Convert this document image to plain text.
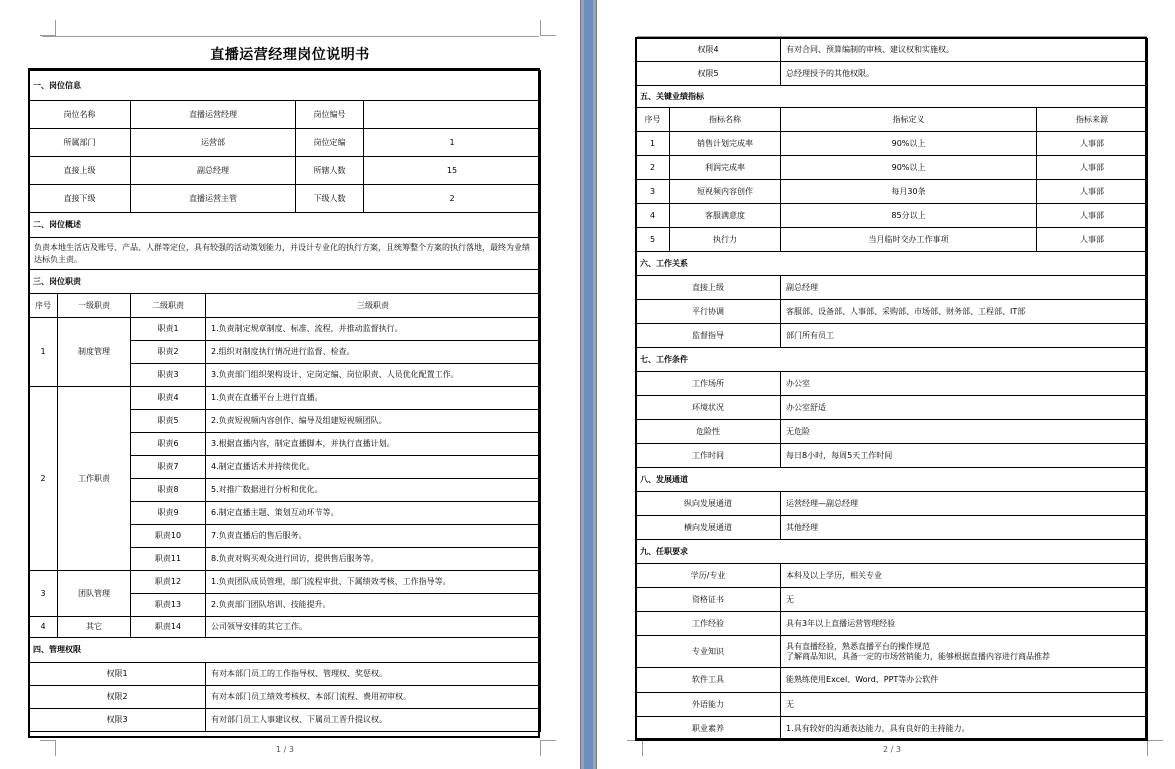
直播运营经理岗位说明书
一、岗位信息					
岗位名称		直播运营经理		岗位编号	
所属部门		运营部		岗位定编	1
直接上级		副总经理		所辖人数	15
直接下级		直播运营主管		下级人数	2
二、岗位概述					
负责本地生活店及账号、产品、人群等定位，具有较强的活动策划能力，并设计专业化的执行方案，且统筹整个方案的执行落地，最终为业绩达标负主责。					
三、岗位职责					
序号	一级职责	二级职责	三级职责		
1	制度管理	职责1	1.负责制定规章制度、标准、流程，并推动监督执行。		
		职责2	2.组织对制度执行情况进行监督、检查。		
		职责3	3.负责部门组织架构设计、定岗定编、岗位职责、人员优化配置工作。		
2	工作职责	职责4	1.负责在直播平台上进行直播。		
		职责5	2.负责短视频内容创作、编导及组建短视频团队。		
		职责6	3.根据直播内容，制定直播脚本，并执行直播计划。		
		职责7	4.制定直播话术并持续优化。		
		职责8	5.对推广数据进行分析和优化。		
		职责9	6.制定直播主题、策划互动环节等。		
		职责10	7.负责直播后的售后服务。		
		职责11	8.负责对购买观众进行回访，提供售后服务等。		
3	团队管理	职责12	1.负责团队成员管理，部门流程审批、下属绩效考核、工作指导等。		
		职责13	2.负责部门团队培训、技能提升。		
4	其它	职责14	公司领导安排的其它工作。		
四、管理权限					
权限1			有对本部门员工的工作指导权、管理权、奖惩权。		
权限2			有对本部门员工绩效考核权、本部门流程、费用初审权。		
权限3			有对部门员工人事建议权、下属员工晋升提议权。		
1 / 3
权限4		有对合同、预算编制的审核、建议权和实施权。	
权限5		总经理授予的其他权限。	
五、关键业绩指标			
序号	指标名称	指标定义	指标来源
1	销售计划完成率	90%以上	人事部
2	利润完成率	90%以上	人事部
3	短视频内容创作	每月30条	人事部
4	客服满意度	85分以上	人事部
5	执行力	当月临时交办工作事项	人事部
六、工作关系			
直接上级		副总经理	
平行协调		客服部、设备部、人事部、采购部、市场部、财务部、工程部、IT部	
监督指导		部门所有员工	
七、工作条件			
工作场所		办公室	
环境状况		办公室舒适	
危险性		无危险	
工作时间		每日8小时，每周5天工作时间	
八、发展通道			
纵向发展通道		运营经理—副总经理	
横向发展通道		其他经理	
九、任职要求			
学历/专业		本科及以上学历，相关专业	
资格证书		无	
工作经验		具有3年以上直播运营管理经验	
专业知识		具有直播经验，熟悉直播平台的操作规范
了解商品知识，具备一定的市场营销能力，能够根据直播内容进行商品推荐	

软件工具		能熟练使用Excel、Word、PPT等办公软件	
外语能力		无	
职业素养		1.具有较好的沟通表达能力，具有良好的主持能力。	
2 / 3
